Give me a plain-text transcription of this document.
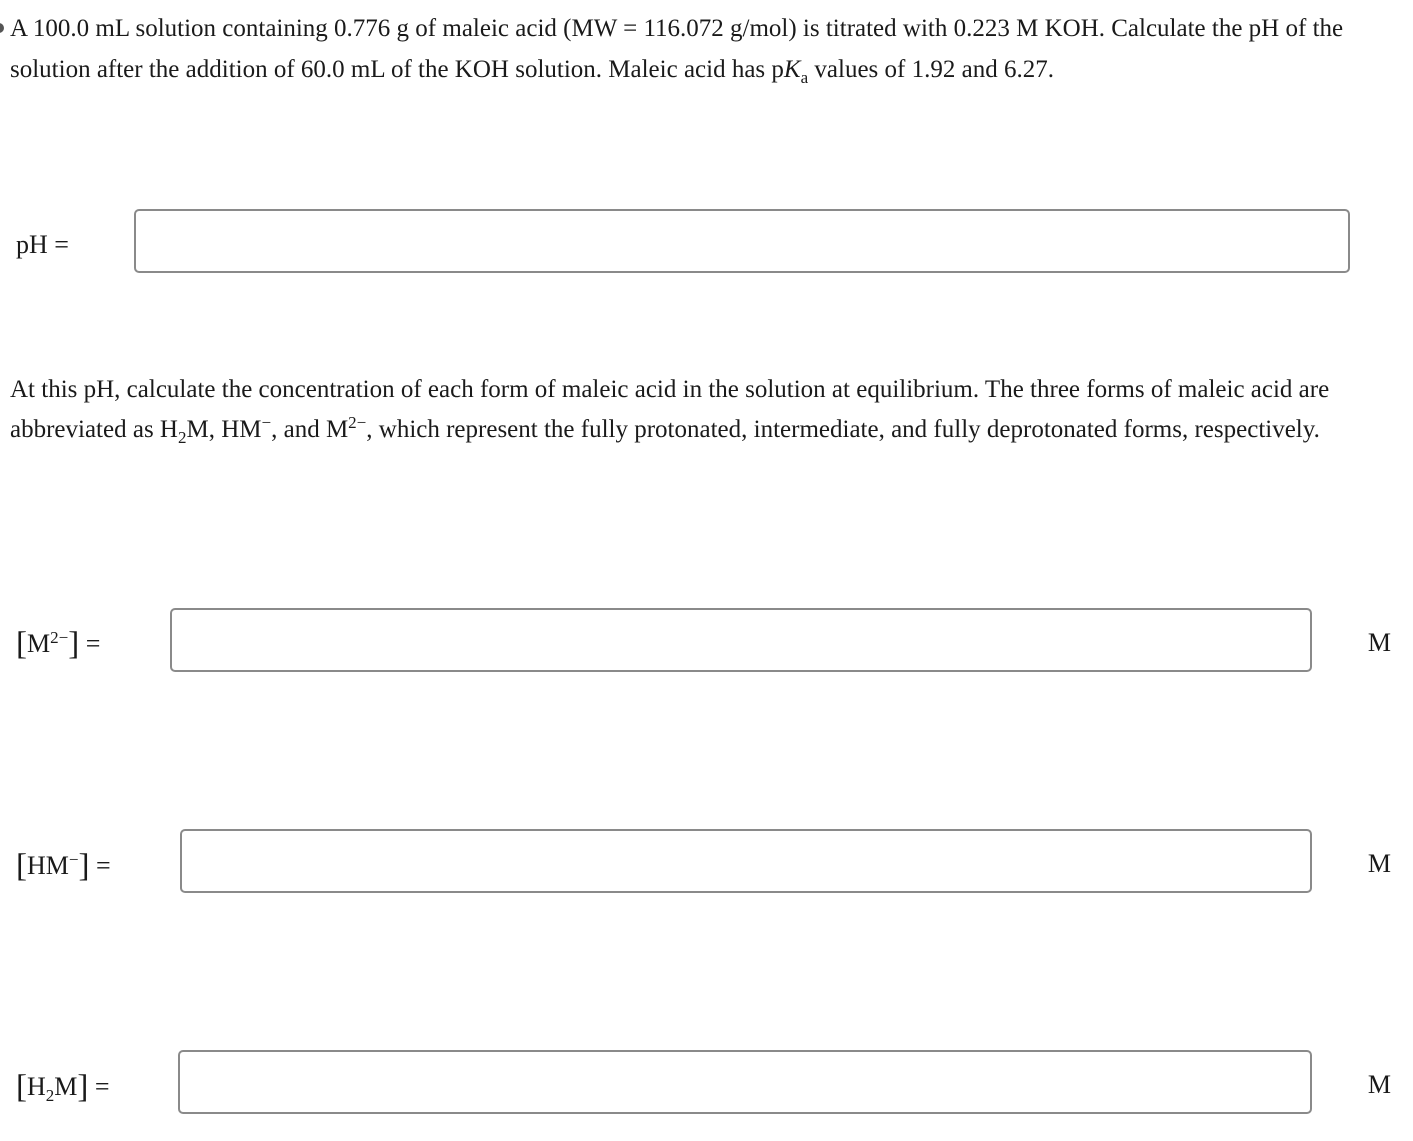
A 100.0 mL solution containing 0.776 g of maleic acid (MW = 116.072 g/mol) is titrated with 0.223 M KOH. Calculate the pH of the solution after the addition of 60.0 mL of the KOH solution. Maleic acid has $pK_a$ values of 1.92 and 6.27.

pH =

At this pH, calculate the concentration of each form of maleic acid in the solution at equilibrium. The three forms of maleic acid are abbreviated as $H_2M$, HM−, and $M^{2-}$, which represent the fully protonated, intermediate, and fully deprotonated forms, respectively.

$[M^{2-}]$ =	M
[HM−] =	M
$[H_2M]$ =	M
